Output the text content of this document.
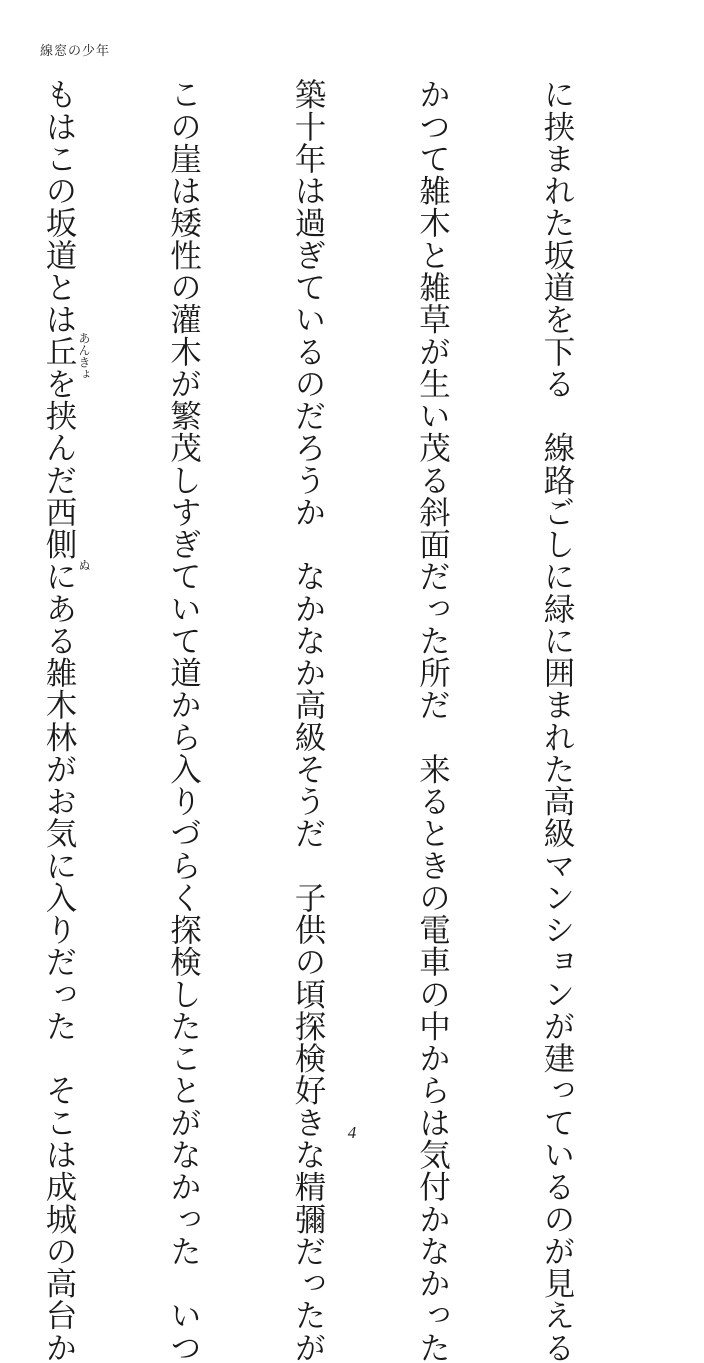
線窓の少年

に挟まれた坂道を下る　線路ごしに緑に囲まれた高級マンションが建っているのが見える

かつて雑木と雑草が生い茂る斜面だった所だ　来るときの電車の中からは気付かなかった

築十年は過ぎているのだろうか　なかなか高級そうだ　子供の頃探検好きな精彌だったが

この崖は矮性の灌木が繁茂しすぎていて道から入りづらく探検したことがなかった　いつ

もはこの坂道とは丘を挟んだ西側にある雑木林がお気に入りだった　そこは成城の高台か

あんきょ
ぬ
4
